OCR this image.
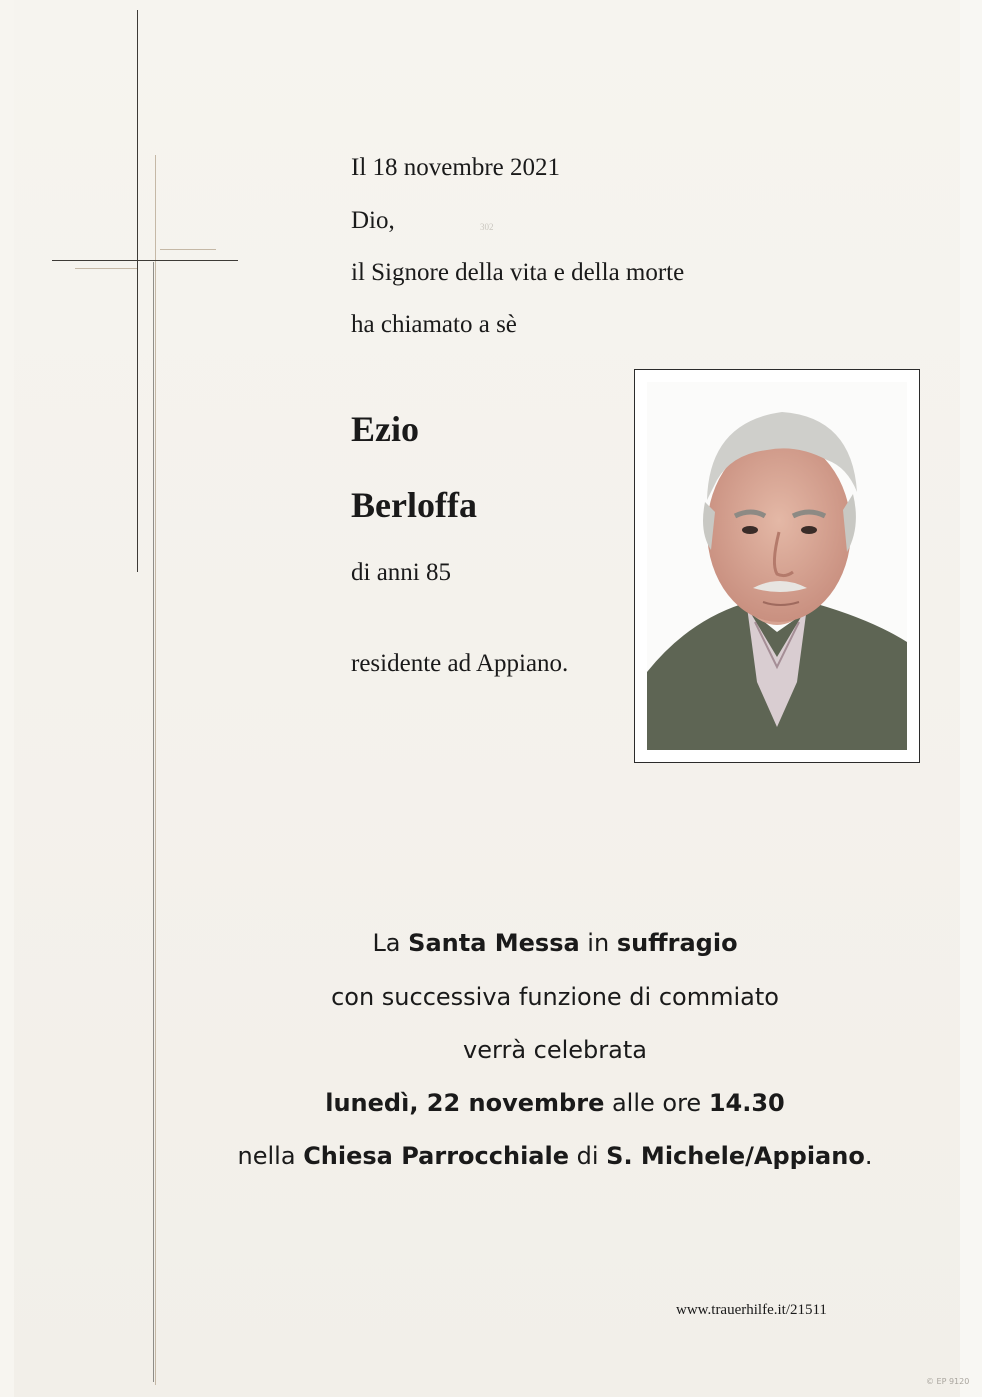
Il 18 novembre 2021
Dio,	302
il Signore della vita e della morte
ha chiamato a sè
Ezio
Berloffa
di anni 85
residente ad Appiano.
La Santa Messa in suffragio
con successiva funzione di commiato
verrà celebrata
lunedì, 22 novembre alle ore 14.30
nella Chiesa Parrocchiale di S. Michele/Appiano.
www.trauerhilfe.it/21511
© EP 9120
